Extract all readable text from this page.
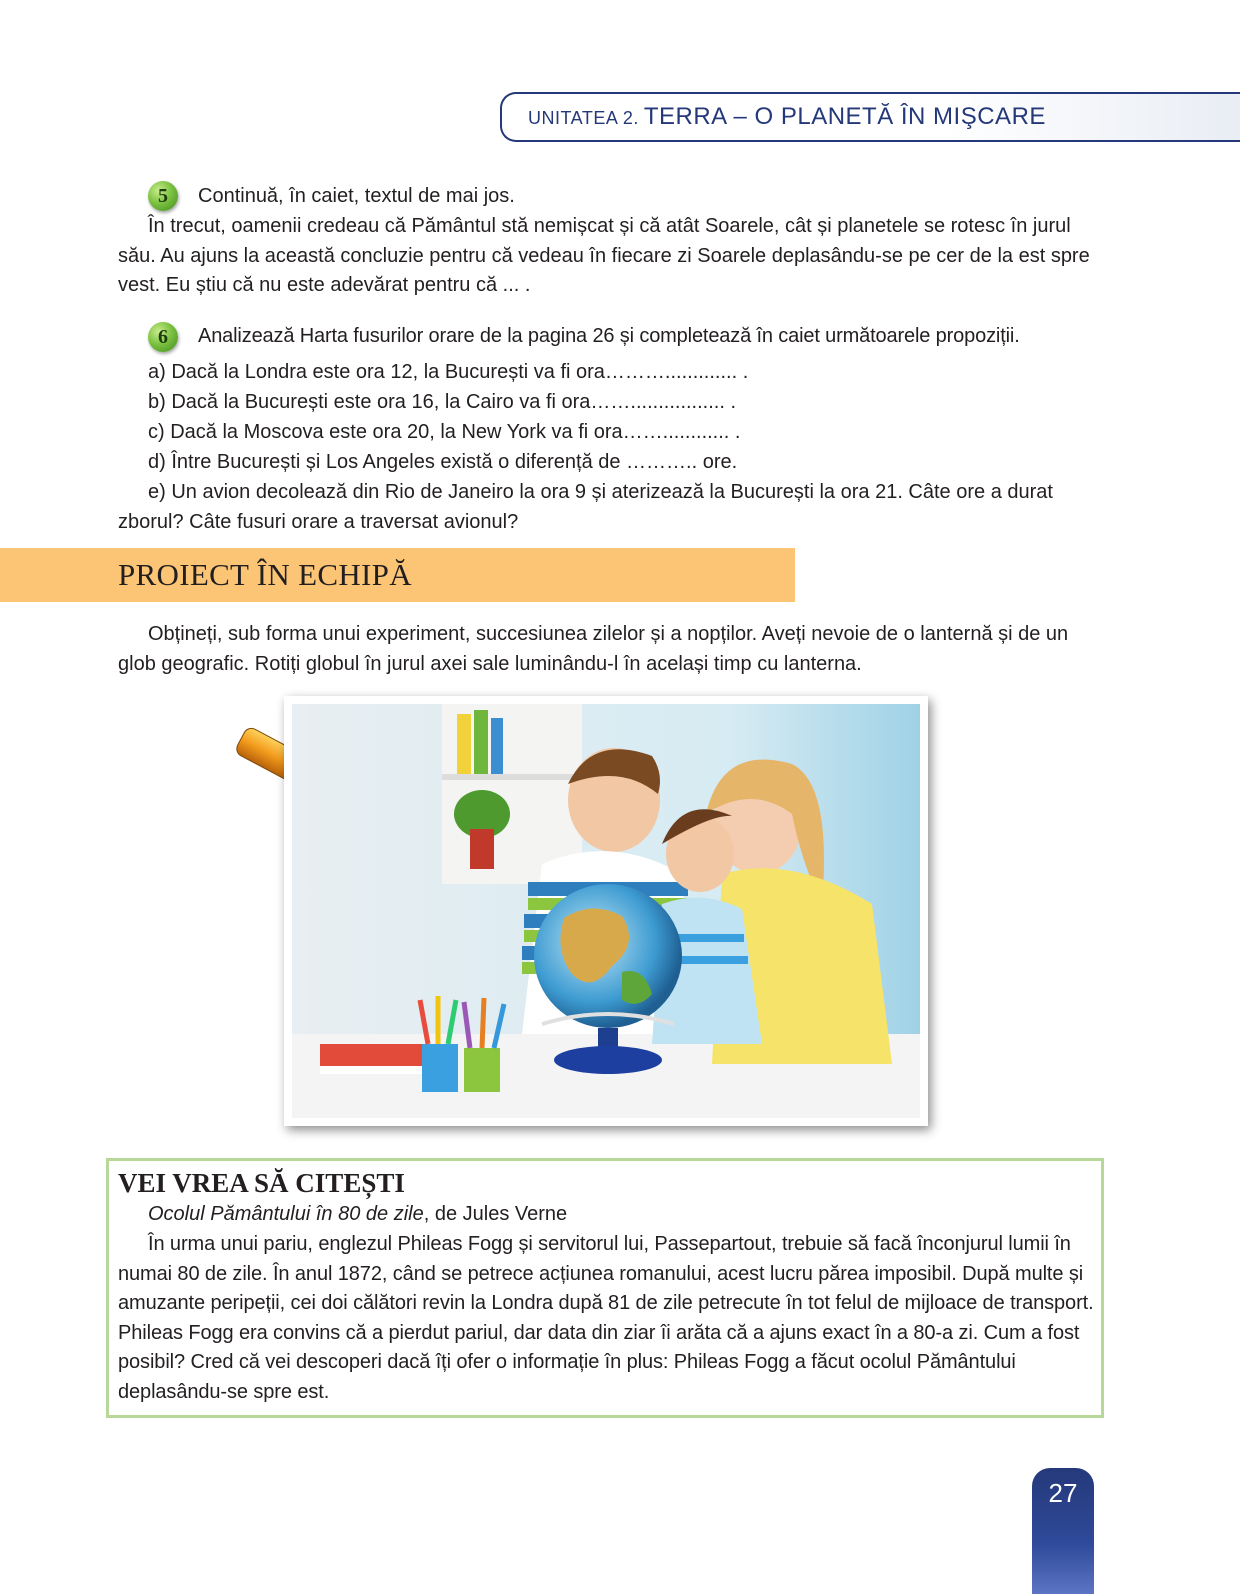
UNITATEA 2. TERRA – O PLANETĂ ÎN MIŞCARE
5	Continuă, în caiet, textul de mai jos.
În trecut, oamenii credeau că Pământul stă nemișcat și că atât Soarele, cât și planetele se rotesc în jurul său. Au ajuns la această concluzie pentru că vedeau în fiecare zi Soarele deplasându-se pe cer de la est spre vest. Eu știu că nu este adevărat pentru că ... .
6	Analizează Harta fusurilor orare de la pagina 26 și completează în caiet următoarele propoziții.
a) Dacă la Londra este ora 12, la București va fi ora………............. .
b) Dacă la București este ora 16, la Cairo va fi ora……................. .
c) Dacă la Moscova este ora 20, la New York va fi ora……............ .
d) Între București și Los Angeles există o diferență de ……….. ore.
e) Un avion decolează din Rio de Janeiro la ora 9 și aterizează la București la ora 21. Câte ore a durat zborul? Câte fusuri orare a traversat avionul?
PROIECT ÎN ECHIPĂ
Obțineți, sub forma unui experiment, succesiunea zilelor și a nopților. Aveți nevoie de o lanternă și de un glob geografic. Rotiți globul în jurul axei sale luminându-l în același timp cu lanterna.
VEI VREA SĂ CITEȘTI
Ocolul Pământului în 80 de zile, de Jules Verne
În urma unui pariu, englezul Phileas Fogg și servitorul lui, Passepartout, trebuie să facă înconjurul lumii în numai 80 de zile. În anul 1872, când se petrece acțiunea romanului, acest lucru părea imposibil. După multe și amuzante peripeții, cei doi călători revin la Londra după 81 de zile petrecute în tot felul de mijloace de transport. Phileas Fogg era convins că a pierdut pariul, dar data din ziar îi arăta că a ajuns exact în a 80-a zi. Cum a fost posibil? Cred că vei descoperi dacă îți ofer o informație în plus: Phileas Fogg a făcut ocolul Pământului deplasându-se spre est.
27
